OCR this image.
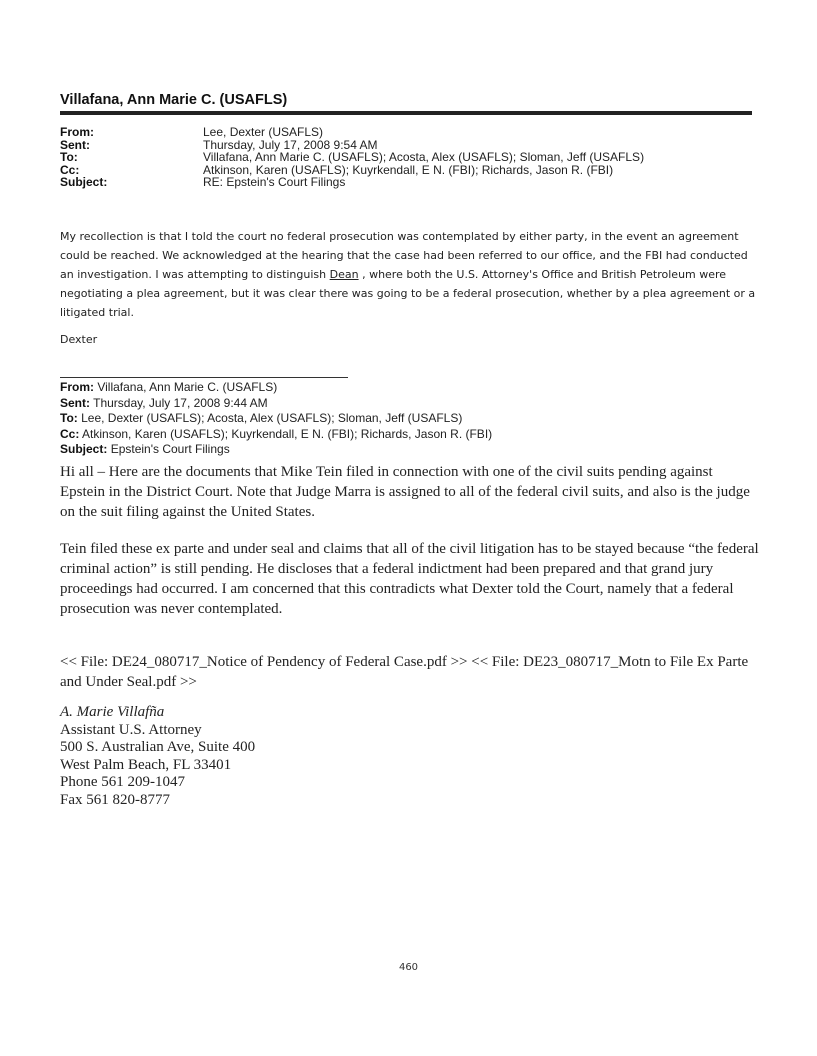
Villafana, Ann Marie C. (USAFLS)
From:	Lee, Dexter (USAFLS)
Sent:	Thursday, July 17, 2008 9:54 AM
To:	Villafana, Ann Marie C. (USAFLS); Acosta, Alex (USAFLS); Sloman, Jeff (USAFLS)
Cc:	Atkinson, Karen (USAFLS); Kuyrkendall, E N. (FBI); Richards, Jason R. (FBI)
Subject:	RE: Epstein's Court Filings

My recollection is that I told the court no federal prosecution was contemplated by either party, in the event an agreement could be reached. We acknowledged at the hearing that the case had been referred to our office, and the FBI had conducted an investigation. I was attempting to distinguish Dean , where both the U.S. Attorney's Office and British Petroleum were negotiating a plea agreement, but it was clear there was going to be a federal prosecution, whether by a plea agreement or a litigated trial.

Dexter
From: Villafana, Ann Marie C. (USAFLS)
Sent: Thursday, July 17, 2008 9:44 AM
To: Lee, Dexter (USAFLS); Acosta, Alex (USAFLS); Sloman, Jeff (USAFLS)
Cc: Atkinson, Karen (USAFLS); Kuyrkendall, E N. (FBI); Richards, Jason R. (FBI)
Subject: Epstein's Court Filings

Hi all – Here are the documents that Mike Tein filed in connection with one of the civil suits pending against Epstein in the District Court. Note that Judge Marra is assigned to all of the federal civil suits, and also is the judge on the suit filing against the United States.

Tein filed these ex parte and under seal and claims that all of the civil litigation has to be stayed because “the federal criminal action” is still pending. He discloses that a federal indictment had been prepared and that grand jury proceedings had occurred. I am concerned that this contradicts what Dexter told the Court, namely that a federal prosecution was never contemplated.

<< File: DE24_080717_Notice of Pendency of Federal Case.pdf >> << File: DE23_080717_Motn to File Ex Parte and Under Seal.pdf >>
A. Marie Villafña
Assistant U.S. Attorney
500 S. Australian Ave, Suite 400
West Palm Beach, FL 33401
Phone 561 209-1047
Fax 561 820-8777
460
